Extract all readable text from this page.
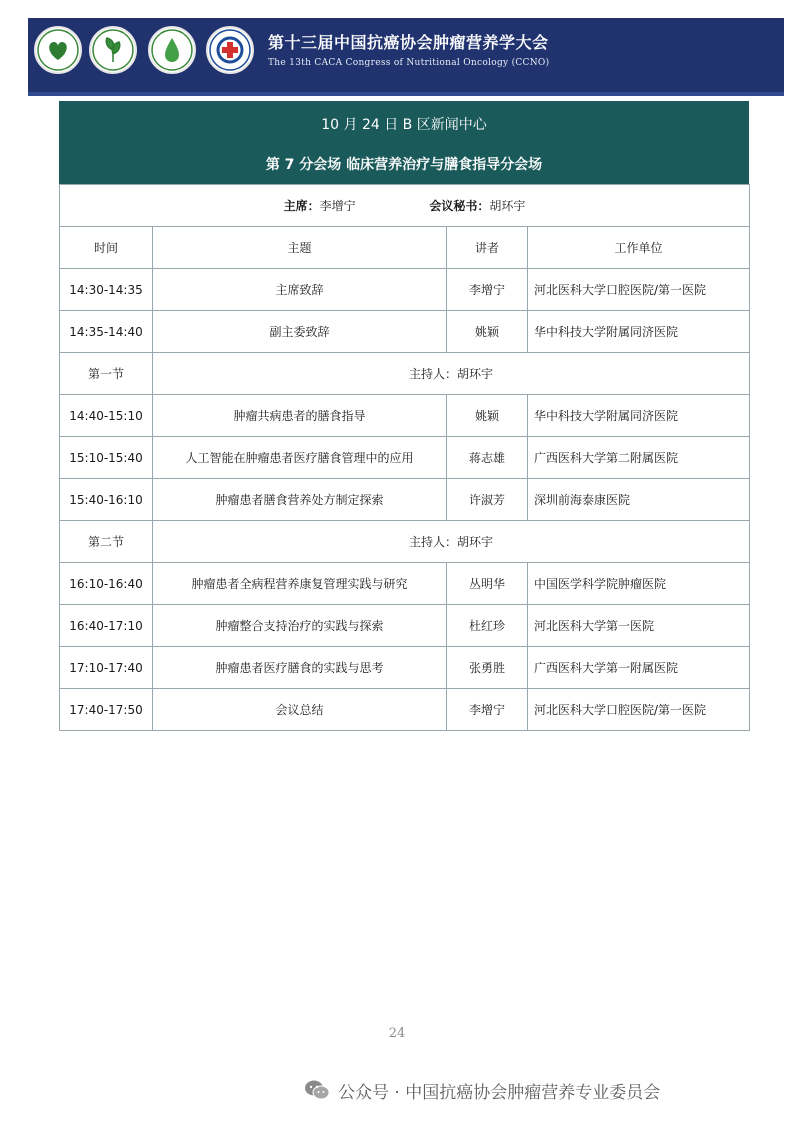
第十三届中国抗癌协会肿瘤营养学大会
The 13th CACA Congress of Nutritional Oncology (CCNO)
10 月 24 日 B 区新闻中心
第 7 分会场 临床营养治疗与膳食指导分会场
主席：李增宁 会议秘书：胡环宇			
时间	主题	讲者	工作单位
14:30-14:35	主席致辞	李增宁	河北医科大学口腔医院/第一医院
14:35-14:40	副主委致辞	姚颖	华中科技大学附属同济医院
第一节	主持人：胡环宇		
14:40-15:10	肿瘤共病患者的膳食指导	姚颖	华中科技大学附属同济医院
15:10-15:40	人工智能在肿瘤患者医疗膳食管理中的应用	蒋志雄	广西医科大学第二附属医院
15:40-16:10	肿瘤患者膳食营养处方制定探索	许淑芳	深圳前海泰康医院
第二节	主持人：胡环宇		
16:10-16:40	肿瘤患者全病程营养康复管理实践与研究	丛明华	中国医学科学院肿瘤医院
16:40-17:10	肿瘤整合支持治疗的实践与探索	杜红珍	河北医科大学第一医院
17:10-17:40	肿瘤患者医疗膳食的实践与思考	张勇胜	广西医科大学第一附属医院
17:40-17:50	会议总结	李增宁	河北医科大学口腔医院/第一医院
24
公众号 · 中国抗癌协会肿瘤营养专业委员会
